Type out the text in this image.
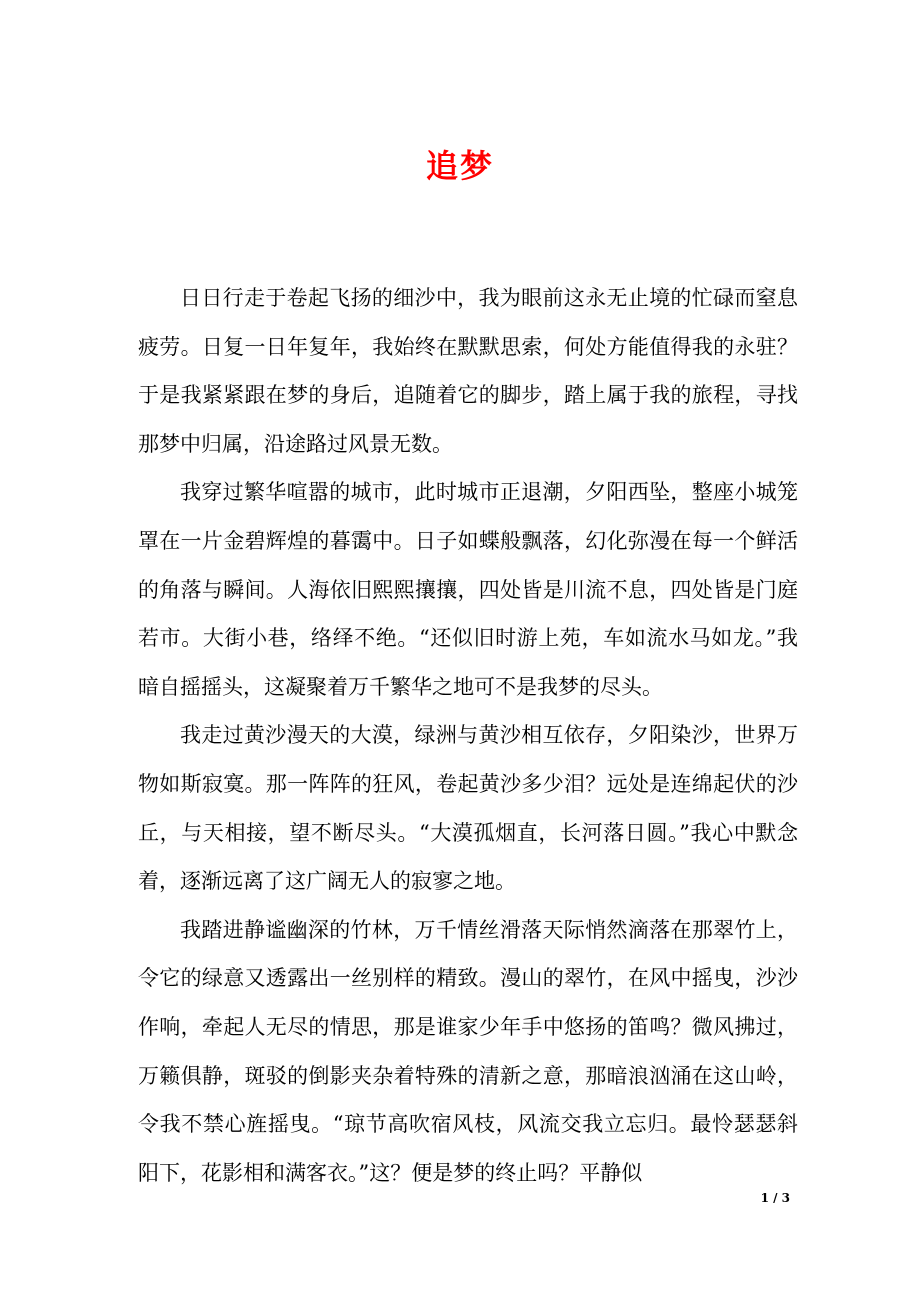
追梦

日日行走于卷起飞扬的细沙中，我为眼前这永无止境的忙碌而窒息疲劳。日复一日年复年，我始终在默默思索，何处方能值得我的永驻？于是我紧紧跟在梦的身后，追随着它的脚步，踏上属于我的旅程，寻找那梦中归属，沿途路过风景无数。

我穿过繁华喧嚣的城市，此时城市正退潮，夕阳西坠，整座小城笼罩在一片金碧辉煌的暮霭中。日子如蝶般飘落，幻化弥漫在每一个鲜活的角落与瞬间。人海依旧熙熙攘攘，四处皆是川流不息，四处皆是门庭若市。大街小巷，络绎不绝。“还似旧时游上苑，车如流水马如龙。”我暗自摇摇头，这凝聚着万千繁华之地可不是我梦的尽头。

我走过黄沙漫天的大漠，绿洲与黄沙相互依存，夕阳染沙，世界万物如斯寂寞。那一阵阵的狂风，卷起黄沙多少泪？远处是连绵起伏的沙丘，与天相接，望不断尽头。“大漠孤烟直，长河落日圆。”我心中默念着，逐渐远离了这广阔无人的寂寥之地。

我踏进静谧幽深的竹林，万千情丝滑落天际悄然滴落在那翠竹上，令它的绿意又透露出一丝别样的精致。漫山的翠竹，在风中摇曳，沙沙作响，牵起人无尽的情思，那是谁家少年手中悠扬的笛鸣？微风拂过，万籁俱静，斑驳的倒影夹杂着特殊的清新之意，那暗浪汹涌在这山岭，令我不禁心旌摇曳。“琼节高吹宿风枝，风流交我立忘归。最怜瑟瑟斜阳下，花影相和满客衣。”这？便是梦的终止吗？平静似

1 / 3
